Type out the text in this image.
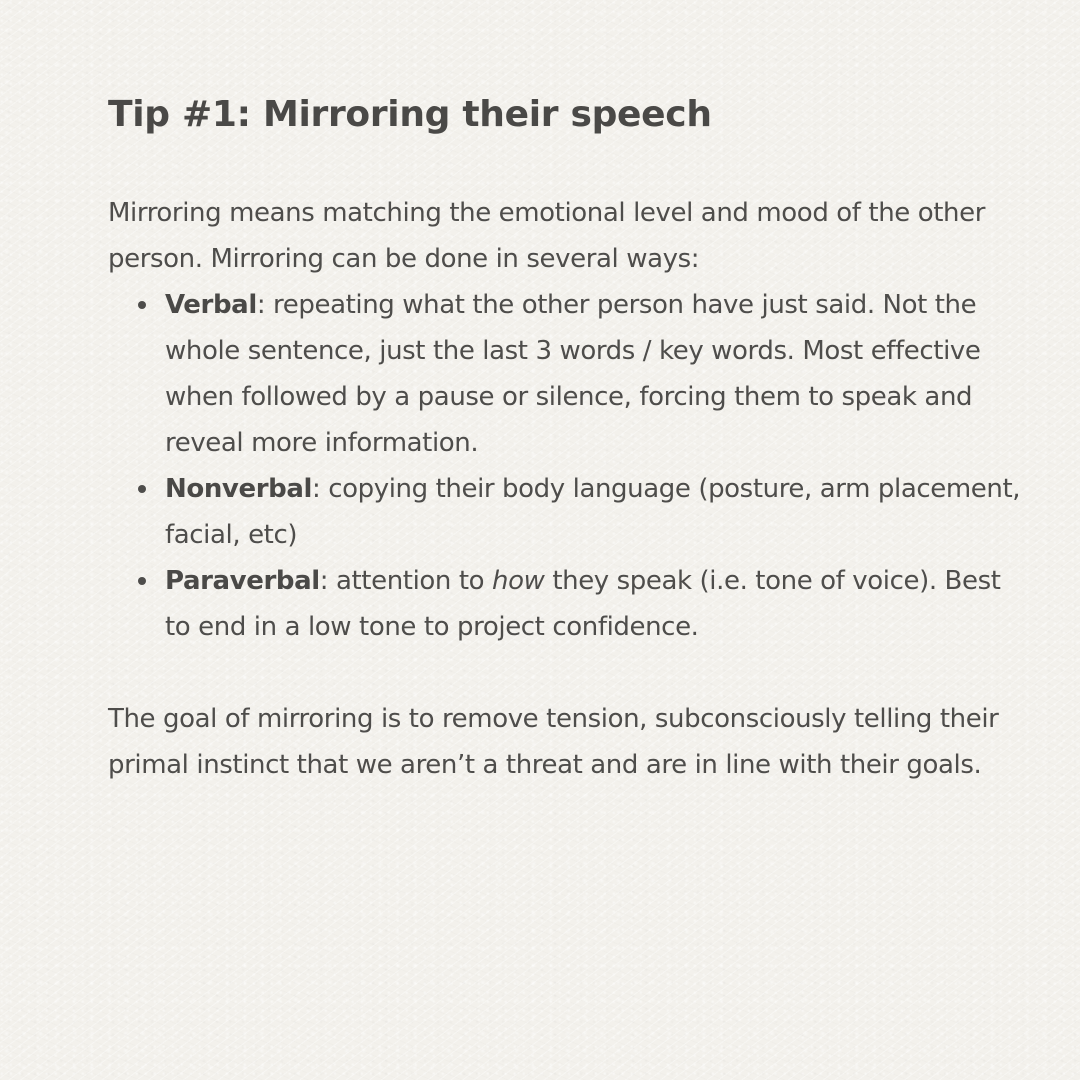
Tip #1: Mirroring their speech

Mirroring means matching the emotional level and mood of the other person. Mirroring can be done in several ways:

Verbal: repeating what the other person have just said. Not the whole sentence, just the last 3 words / key words. Most effective when followed by a pause or silence, forcing them to speak and reveal more information.
Nonverbal: copying their body language (posture, arm placement, facial, etc)
Paraverbal: attention to how they speak (i.e. tone of voice). Best to end in a low tone to project confidence.

The goal of mirroring is to remove tension, subconsciously telling their primal instinct that we aren’t a threat and are in line with their goals.
